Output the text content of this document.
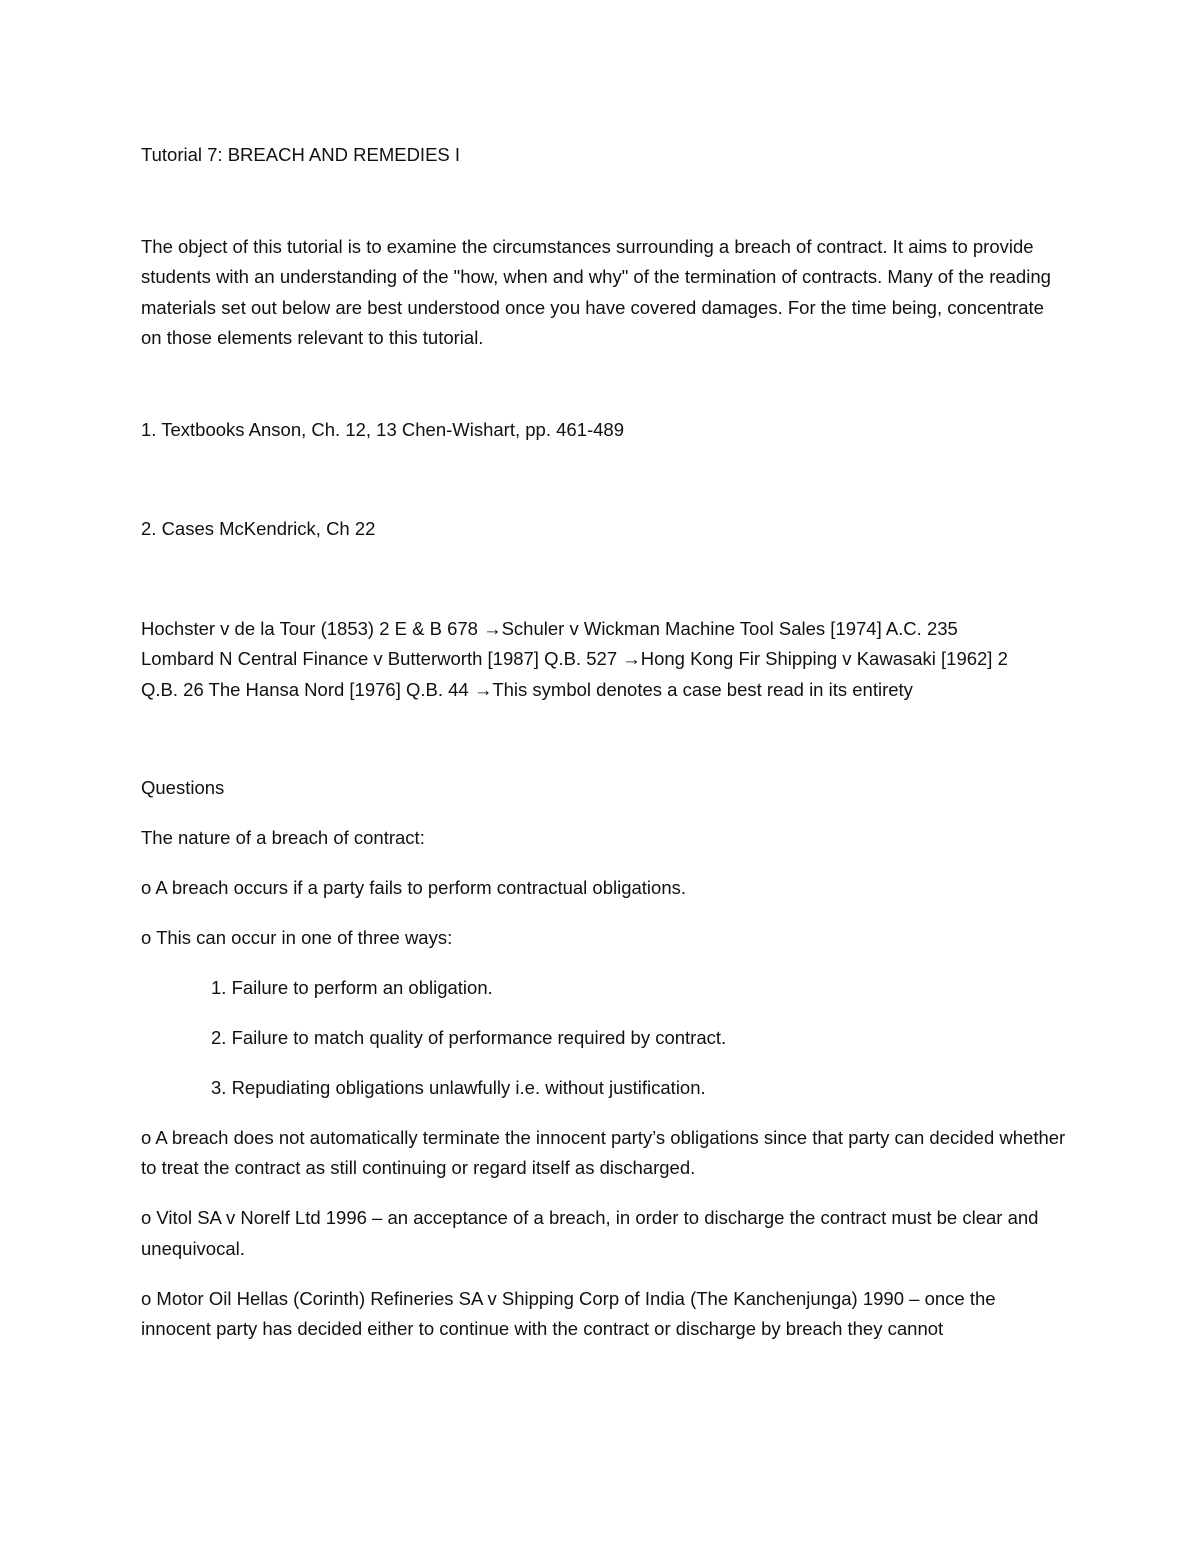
Tutorial 7: BREACH AND REMEDIES I

The object of this tutorial is to examine the circumstances surrounding a breach of contract. It aims to provide students with an understanding of the "how, when and why" of the termination of contracts. Many of the reading materials set out below are best understood once you have covered damages. For the time being, concentrate on those elements relevant to this tutorial.

1. Textbooks Anson, Ch. 12, 13 Chen-Wishart, pp. 461-489

2. Cases McKendrick, Ch 22

Hochster v de la Tour (1853) 2 E & B 678 →Schuler v Wickman Machine Tool Sales [1974] A.C. 235

Lombard N Central Finance v Butterworth [1987] Q.B. 527 →Hong Kong Fir Shipping v Kawasaki [1962] 2

Q.B. 26 The Hansa Nord [1976] Q.B. 44 →This symbol denotes a case best read in its entirety

Questions

The nature of a breach of contract:

o A breach occurs if a party fails to perform contractual obligations.

o This can occur in one of three ways:

1. Failure to perform an obligation.

2. Failure to match quality of performance required by contract.

3. Repudiating obligations unlawfully i.e. without justification.

o A breach does not automatically terminate the innocent party’s obligations since that party can decided whether to treat the contract as still continuing or regard itself as discharged.

o Vitol SA v Norelf Ltd 1996 – an acceptance of a breach, in order to discharge the contract must be clear and unequivocal.

o Motor Oil Hellas (Corinth) Refineries SA v Shipping Corp of India (The Kanchenjunga) 1990 – once the innocent party has decided either to continue with the contract or discharge by breach they cannot
